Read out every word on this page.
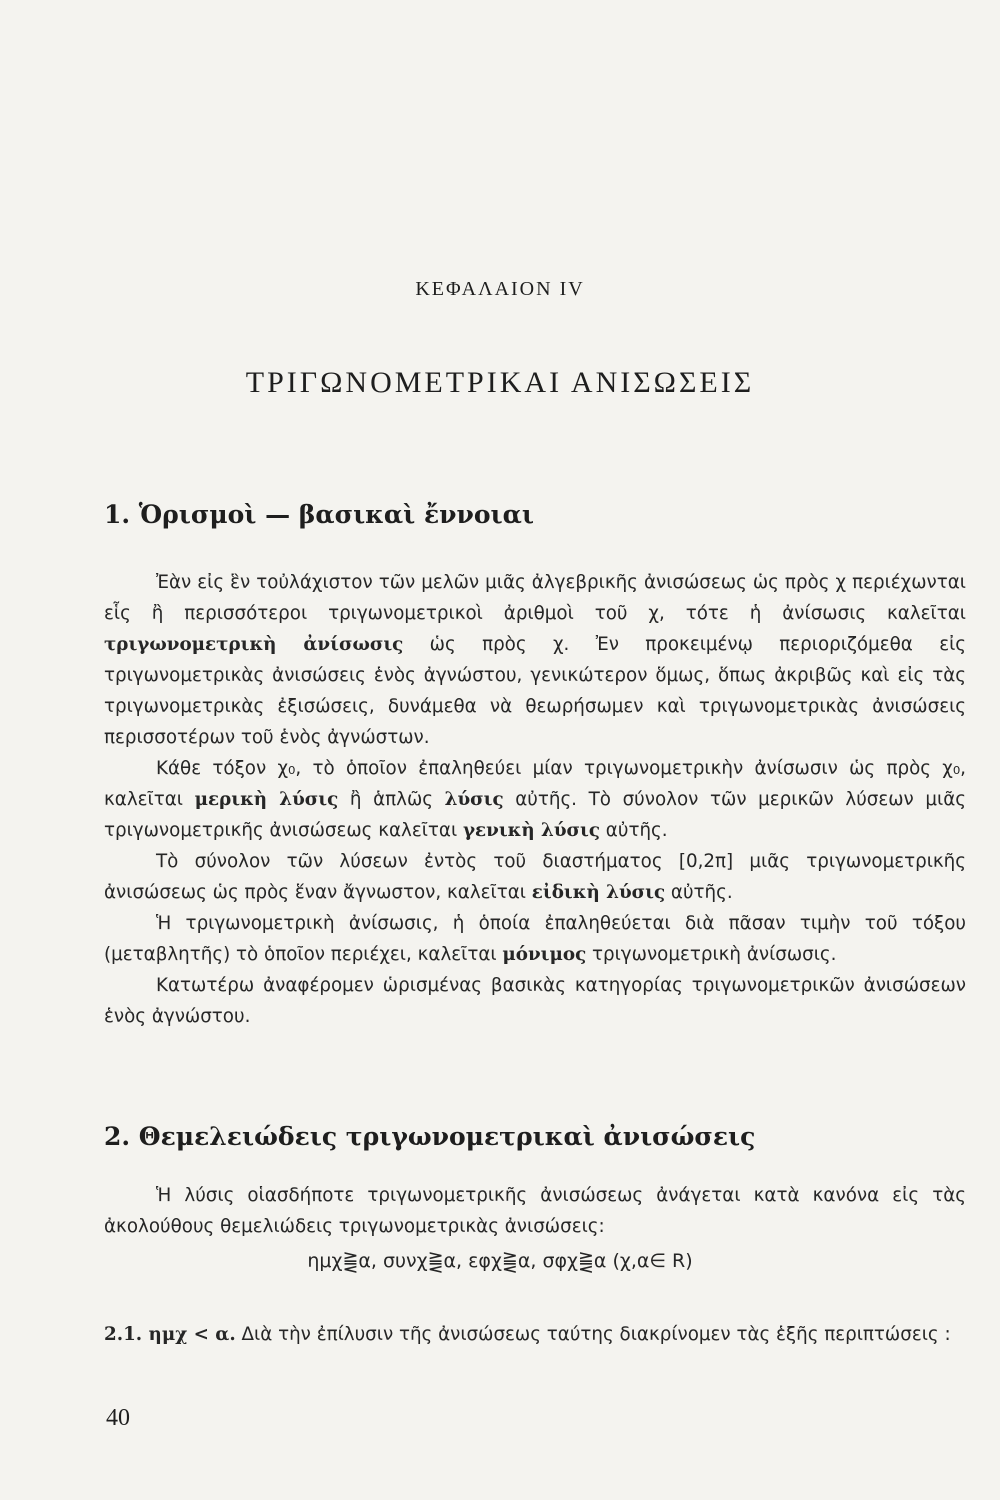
ΚΕΦΑΛΑΙΟΝ IV
ΤΡΙΓΩΝΟΜΕΤΡΙΚΑΙ ΑΝΙΣΩΣΕΙΣ
1. Ὁρισμοὶ — βασικαὶ ἔννοιαι

Ἐὰν εἰς ἓν τοὐλάχιστον τῶν μελῶν μιᾶς ἀλγεβρικῆς ἀνισώσεως ὡς πρὸς χ περιέχωνται εἷς ἢ περισσότεροι τριγωνομετρικοὶ ἀριθμοὶ τοῦ χ, τότε ἡ ἀνίσωσις καλεῖται τριγωνομετρικὴ ἀνίσωσις ὡς πρὸς χ. Ἐν προκειμένῳ περιοριζόμεθα εἰς τριγωνομετρικὰς ἀνισώσεις ἑνὸς ἀγνώστου, γενικώτερον ὅμως, ὅπως ἀκριβῶς καὶ εἰς τὰς τριγωνομετρικὰς ἐξισώσεις, δυνάμεθα νὰ θεωρήσωμεν καὶ τριγωνομετρικὰς ἀνισώσεις περισσοτέρων τοῦ ἑνὸς ἀγνώστων.

Κάθε τόξον χ₀, τὸ ὁποῖον ἐπαληθεύει μίαν τριγωνομετρικὴν ἀνίσωσιν ὡς πρὸς χ₀, καλεῖται μερικὴ λύσις ἢ ἁπλῶς λύσις αὐτῆς. Τὸ σύνολον τῶν μερικῶν λύσεων μιᾶς τριγωνομετρικῆς ἀνισώσεως καλεῖται γενικὴ λύσις αὐτῆς.

Τὸ σύνολον τῶν λύσεων ἐντὸς τοῦ διαστήματος [0,2π] μιᾶς τριγωνομετρικῆς ἀνισώσεως ὡς πρὸς ἕναν ἄγνωστον, καλεῖται εἰδικὴ λύσις αὐτῆς.

Ἡ τριγωνομετρικὴ ἀνίσωσις, ἡ ὁποία ἐπαληθεύεται διὰ πᾶσαν τιμὴν τοῦ τόξου (μεταβλητῆς) τὸ ὁποῖον περιέχει, καλεῖται μόνιμος τριγωνομετρικὴ ἀνίσωσις.

Κατωτέρω ἀναφέρομεν ὡρισμένας βασικὰς κατηγορίας τριγωνομετρικῶν ἀνισώσεων ἑνὸς ἀγνώστου.

2. Θεμελειώδεις τριγωνομετρικαὶ ἀνισώσεις

Ἡ λύσις οἱασδήποτε τριγωνομετρικῆς ἀνισώσεως ἀνάγεται κατὰ κανόνα εἰς τὰς ἀκολούθους θεμελιώδεις τριγωνομετρικὰς ἀνισώσεις:

ημχ⪌α, συνχ⪌α, εφχ⪌α, σφχ⪌α (χ,α∈ R)
2.1. ημχ < α. Διὰ τὴν ἐπίλυσιν τῆς ἀνισώσεως ταύτης διακρίνομεν τὰς ἑξῆς περιπτώσεις :
40
